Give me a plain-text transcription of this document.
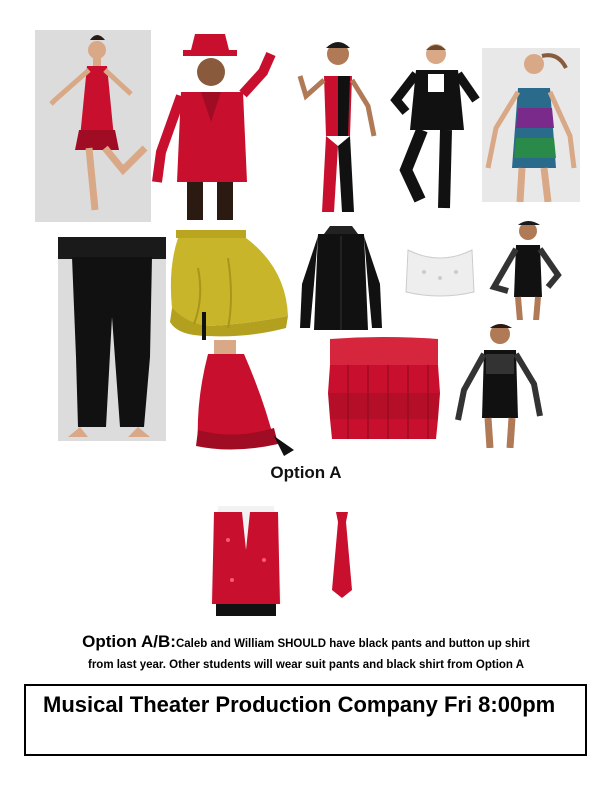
Option A
Option A/B:Caleb and William SHOULD have black pants and button up shirt
from last year. Other students will wear suit pants and black shirt from Option A
Musical Theater Production Company Fri 8:00pm
